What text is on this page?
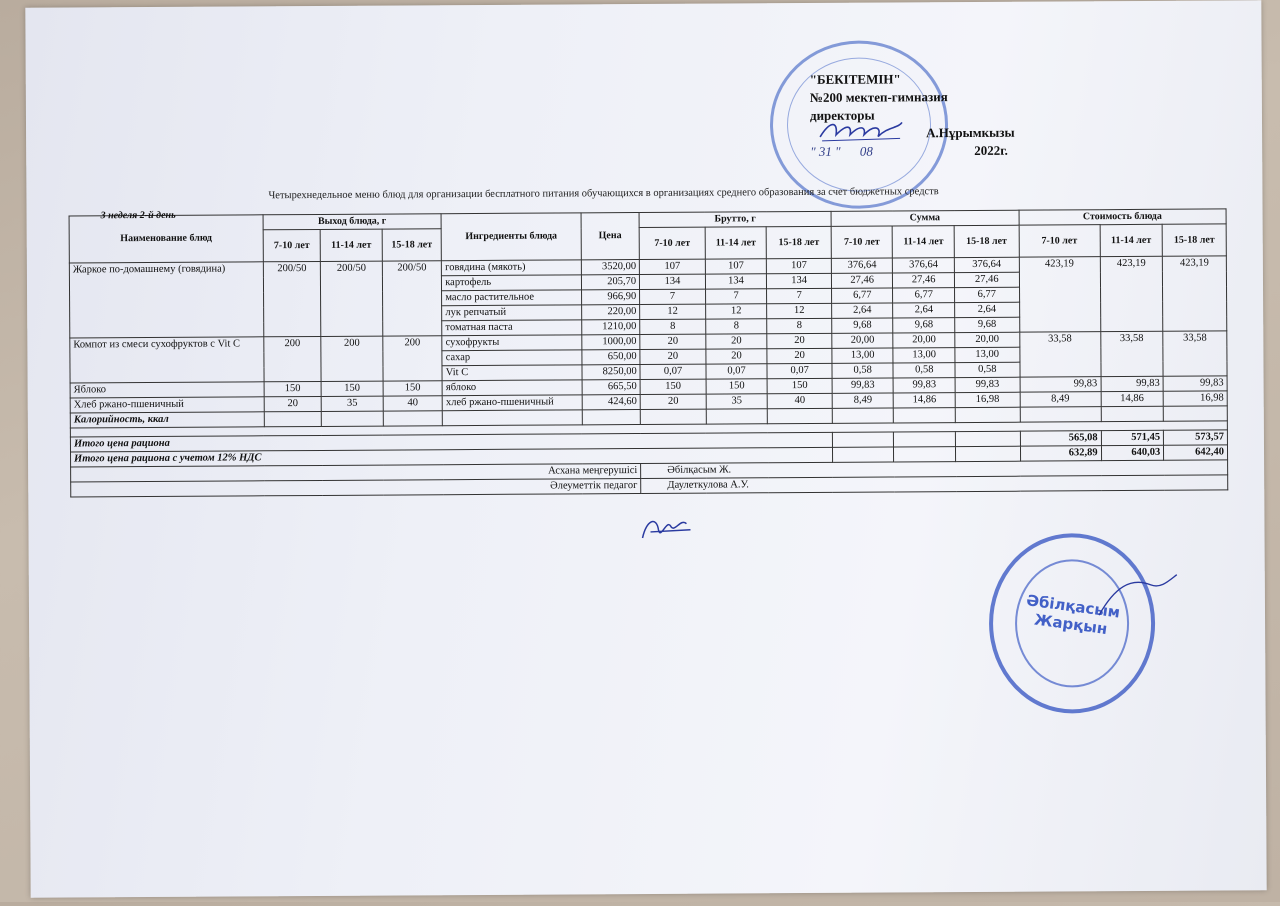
"БЕКІТЕМІН"
№200 мектеп-гимназия
директоры
А.Нұрымкызы
" 31 " 08	2022г.
Четырехнедельное меню блюд для организации бесплатного питания обучающихся в организациях среднего образования за счет бюджетных средств

Наименование блюд	Выход блюда, г			Ингредиенты блюда	Цена	Брутто, г			Сумма			Стоимость блюда		
	7-10 лет	11-14 лет	15-18 лет			7-10 лет	11-14 лет	15-18 лет	7-10 лет	11-14 лет	15-18 лет	7-10 лет	11-14 лет	15-18 лет
Жаркое по-домашнему (говядина)	200/50	200/50	200/50	говядина (мякоть)	3520,00	107	107	107	376,64	376,64	376,64	423,19	423,19	423,19
				картофель	205,70	134	134	134	27,46	27,46	27,46			
				масло растительное	966,90	7	7	7	6,77	6,77	6,77			
				лук репчатый	220,00	12	12	12	2,64	2,64	2,64			
				томатная паста	1210,00	8	8	8	9,68	9,68	9,68			
Компот из смеси сухофруктов с Vit C	200	200	200	сухофрукты	1000,00	20	20	20	20,00	20,00	20,00	33,58	33,58	33,58
				сахар	650,00	20	20	20	13,00	13,00	13,00			
				Vit C	8250,00	0,07	0,07	0,07	0,58	0,58	0,58			
Яблоко	150	150	150	яблоко	665,50	150	150	150	99,83	99,83	99,83	99,83	99,83	99,83
Хлеб ржано-пшеничный	20	35	40	хлеб ржано-пшеничный	424,60	20	35	40	8,49	14,86	16,98	8,49	14,86	16,98
Калорийность, ккал														

Итого цена рациона												565,08	571,45	573,57
Итого цена рациона с учетом 12% НДС												632,89	640,03	642,40
Асхана меңгерушісі						Әбілқасым Ж.								
Әлеуметтік педагог						Даулеткулова А.У.								
3 неделя 2-й день
Әбілқасым Жарқын
